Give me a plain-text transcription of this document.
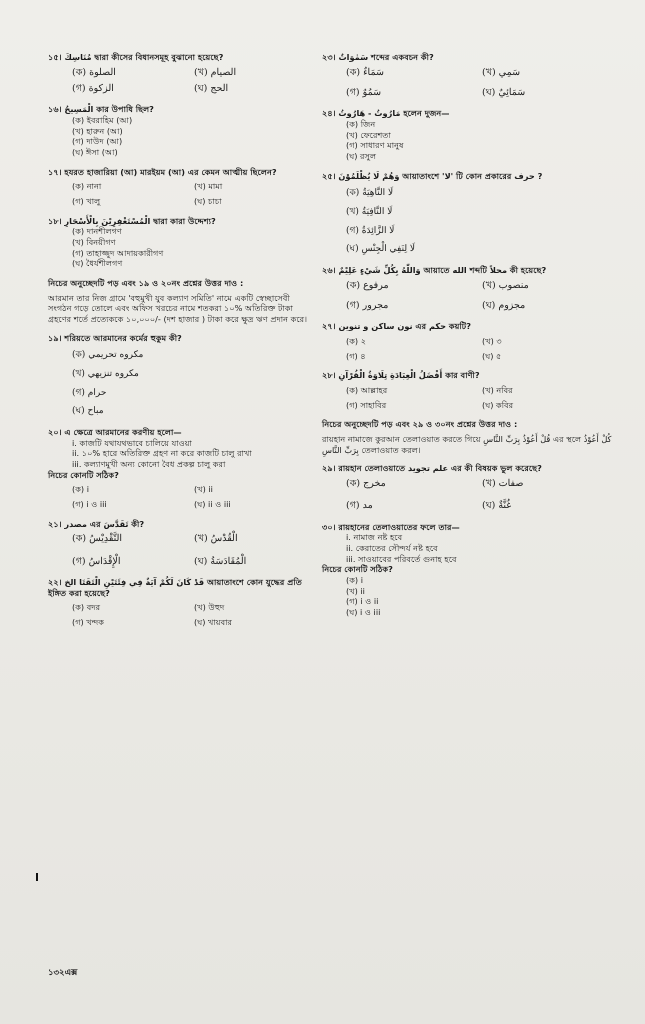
১৫। مُنَاسِكَ দ্বারা কীসের বিধানসমূহ বুঝানো হয়েছে?
(ক) الصلوة	(খ) الصيام
(গ) الزكوة	(ঘ) الحج
১৬। الْمَسِيحُ কার উপাধি ছিল?
(ক) ইবরাহিম (আ)
(খ) হারুন (আ)
(গ) দাউদ (আ)
(ঘ) ঈসা (আ)
১৭। হযরত হাজারিয়া (আ) মারইয়ম (আ) এর কেমন আত্মীয় ছিলেন?
(ক) নানা	(খ) মামা
(গ) খালু	(ঘ) চাচা
১৮। الْمُسْتَغْفِرِيْنَ بِالْأَسْحَارِ দ্বারা কারা উদ্দেশ্য?
(ক) দানশীলগণ
(খ) বিনয়ীগণ
(গ) তাহাজ্জুদ আদায়কারীগণ
(ঘ) ধৈর্যশীলগণ
নিচের অনুচ্ছেদটি পড় এবং ১৯ ও ২০নং প্রশ্নের উত্তর দাও :
আরমান তার নিজ গ্রামে 'বহুমুখী যুব কল্যাণ সমিতি' নামে একটি স্বেচ্ছাসেবী সংগঠন গড়ে তোলে এবং অফিস খরচের নামে শতকরা ১০% অতিরিক্ত টাকা গ্রহণের শর্তে প্রত্যেককে ১০,০০০/- (দশ হাজার ) টাকা করে ক্ষুদ্র ঋণ প্রদান করে।
১৯। শরিয়তে আরমানের কর্মের হুকুম কী?
(ক) مكروه تحريمي
(খ) مكروه تنزيهي
(গ) حرام
(ঘ) مباح
২০। এ ক্ষেত্রে আরমানের করণীয় হলো—
i. কাজটি যথাযথভাবে চালিয়ে যাওয়া
ii. ১০% হারে অতিরিক্ত গ্রহণ না করে কাজটি চালু রাখা
iii. কল্যাণমুখী অন্য কোনো বৈধ প্রকল্প চালু করা
নিচের কোনটি সঠিক?
(ক) i	(খ) ii
(গ) i ও iii	(ঘ) ii ও iii
২১। مصدر এর تَقَدَّسَ কী?
(ক) التَّقْدِيْسُ	(খ) الْقُدْسُ
(গ) الْإِقْدَاسُ	(ঘ) الْمُقَادَسَةُ
২২। قَدْ كَانَ لَكُمْ آيَةٌ فِي فِئَتَيْنِ الْتَقَتَا الخ আয়াতাংশে কোন যুদ্ধের প্রতি ইঙ্গিত করা হয়েছে?
(ক) বদর	(খ) উহুদ
(গ) খন্দক	(ঘ) খায়বার
২৩। سَمٰوَاتٌ শব্দের একবচন কী?
(ক) سَمَاءٌ	(খ) سَمِي
(গ) سَمُوٌ	(ঘ) سَمَائِيٌ
২৪। مَارُوتُ - هَارُوتُ হলেন দুজন—
(ক) জিন
(খ) ফেরেশতা
(গ) সাধারণ মানুষ
(ঘ) রসুল
২৫। وَهُمْ لَا يُظْلَمُوْنَ আয়াতাংশে 'لا' টি কোন প্রকারের حرف ?
(ক) لَا النَّاهِيَةُ
(খ) لَا النَّافِيَةُ
(গ) لَا الزَّائِدَةُ
(ঘ) لَا لِنَفِي الْجِنْسِ
২৬। وَاللّٰهُ بِكُلِّ شَيْءٍ عَلِيْمٌ আয়াতে الله শব্দটি محلاً কী হয়েছে?
(ক) مرفوع	(খ) منصوب
(গ) مجرور	(ঘ) مجزوم
২৭। نون ساكن و تنوين এর حكم কয়টি?
(ক) ২	(খ) ৩
(গ) ৪	(ঘ) ৫
২৮। أَفْضَلُ الْعِبَادَةِ تِلَاوَةُ الْقُرْآنِ কার বাণী?
(ক) আল্লাহর	(খ) নবির
(গ) সাহাবির	(ঘ) কবির
নিচের অনুচ্ছেদটি পড় এবং ২৯ ও ৩০নং প্রশ্নের উত্তর দাও :
রায়হান নামাজে কুরআন তেলাওয়াত করতে গিয়ে قُلْ أَعُوْذُ بِرَبِّ النَّاسِ এর স্থলে كُلْ أَعُوْذُ بِرَبِّ النَّاسِ তেলাওয়াত করল।
২৯। রায়হান তেলাওয়াতে علم تجويد এর কী বিষয়ক ভুল করেছে?
(ক) مخرج	(খ) صفات
(গ) مد	(ঘ) غُنَّةٌ
৩০। রায়হানের তেলাওয়াতের ফলে তার—
i. নামাজ নষ্ট হবে
ii. কেরাতের সৌন্দর্য নষ্ট হবে
iii. সাওয়াবের পরিবর্তে গুনাহ হবে
নিচের কোনটি সঠিক?
(ক) i
(খ) ii
(গ) i ও ii
(ঘ) i ও iii
১৩২এক্স
